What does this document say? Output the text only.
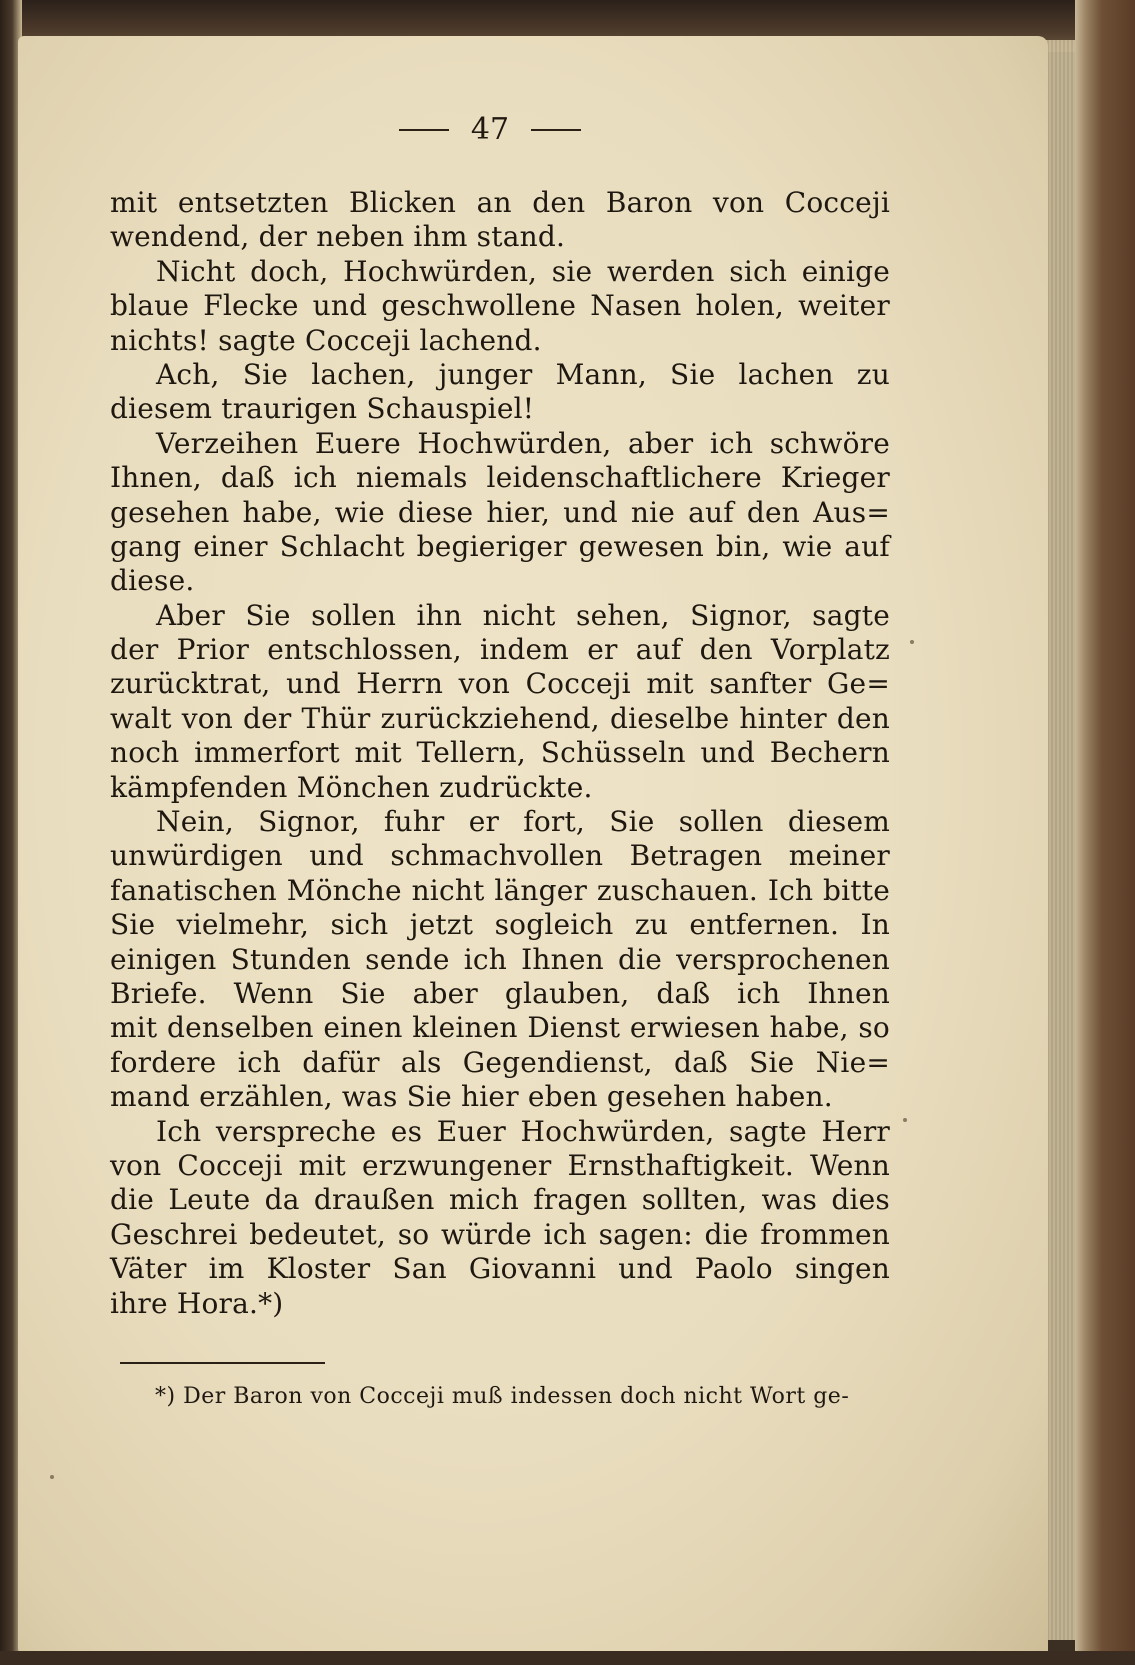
47
mit entsetzten Blicken an den Baron von Cocceji
wendend, der neben ihm stand.
Nicht doch, Hochwürden, sie werden sich einige
blaue Flecke und geschwollene Nasen holen, weiter
nichts! sagte Cocceji lachend.
Ach, Sie lachen, junger Mann, Sie lachen zu
diesem traurigen Schauspiel!
Verzeihen Euere Hochwürden, aber ich schwöre
Ihnen, daß ich niemals leidenschaftlichere Krieger
gesehen habe, wie diese hier, und nie auf den Aus=
gang einer Schlacht begieriger gewesen bin, wie auf
diese.
Aber Sie sollen ihn nicht sehen, Signor, sagte
der Prior entschlossen, indem er auf den Vorplatz
zurücktrat, und Herrn von Cocceji mit sanfter Ge=
walt von der Thür zurückziehend, dieselbe hinter den
noch immerfort mit Tellern, Schüsseln und Bechern
kämpfenden Mönchen zudrückte.
Nein, Signor, fuhr er fort, Sie sollen diesem
unwürdigen und schmachvollen Betragen meiner
fanatischen Mönche nicht länger zuschauen. Ich bitte
Sie vielmehr, sich jetzt sogleich zu entfernen. In
einigen Stunden sende ich Ihnen die versprochenen
Briefe. Wenn Sie aber glauben, daß ich Ihnen
mit denselben einen kleinen Dienst erwiesen habe, so
fordere ich dafür als Gegendienst, daß Sie Nie=
mand erzählen, was Sie hier eben gesehen haben.
Ich verspreche es Euer Hochwürden, sagte Herr
von Cocceji mit erzwungener Ernsthaftigkeit. Wenn
die Leute da draußen mich fragen sollten, was dies
Geschrei bedeutet, so würde ich sagen: die frommen
Väter im Kloster San Giovanni und Paolo singen
ihre Hora.*)
*) Der Baron von Cocceji muß indessen doch nicht Wort ge-
